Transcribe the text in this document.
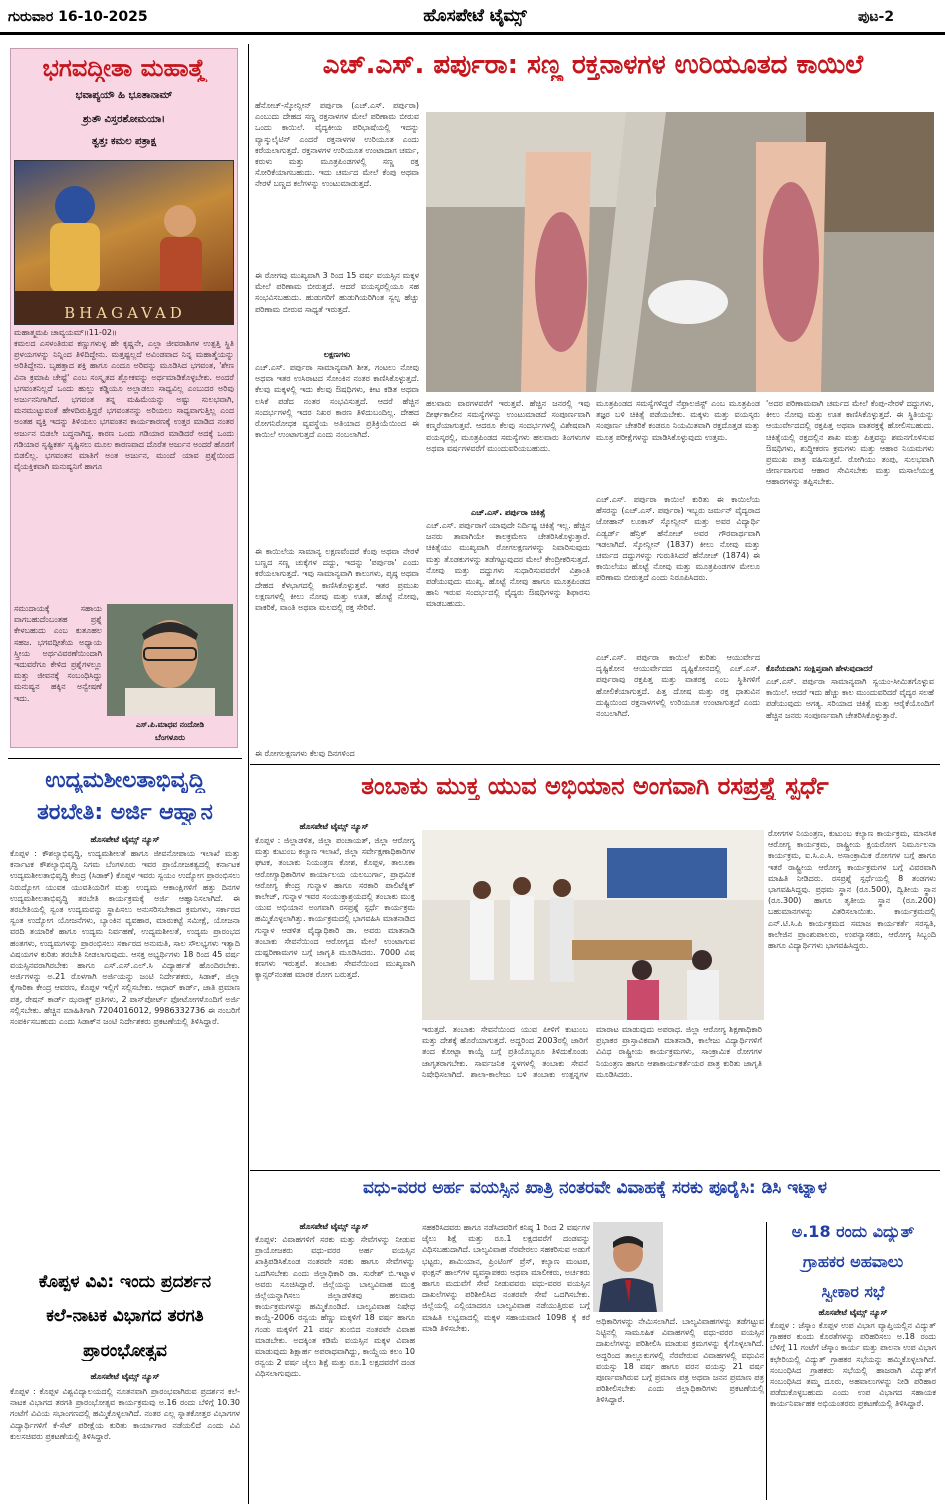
ಗುರುವಾರ 16-10-2025	ಹೊಸಪೇಟೆ ಟೈಮ್ಸ್	ಪುಟ-2
ಭಗವದ್ಗೀತಾ ಮಹಾತ್ಮೆ
ಭವಾಪ್ಯಯೌ ಹಿ ಭೂತಾನಾಮ್
ಶ್ರುತೌ ವಿಸ್ತರಶೋಮಯಾ।
ತ್ವತ್ತಃ ಕಮಲ ಪತ್ರಾಕ್ಷ
BHAGAVAD
ಮಹಾತ್ಮ್ಯಮಪಿ ಚಾವ್ಯಯಮ್॥11-02॥
ಕಮಲದ ಎಸಳಂತಿರುವ ಕಣ್ಣುಗಳುಳ್ಳ ಹೇ ಕೃಷ್ಣನೇ, ಎಲ್ಲಾ ಜೀವರಾಶಿಗಳ ಉತ್ಪತ್ತಿ ಸ್ಥಿತಿ ಪ್ರಳಯಗಳನ್ನು ನಿನ್ನಿಂದ ತಿಳಿದಿದ್ದೇನು. ಮತ್ತಷ್ಟಲ್ಲದೆ ಅವಿಂಡವಾದ ನಿನ್ನ ಮಹಾತ್ಮೆಯನ್ನು ಅರಿತಿದ್ದೇನು. ಬೃಹತ್ತಾದ ಶಕ್ತಿ ಹಾಗೂ ಎಂದೂ ಅರಿವನ್ನು ಮೂಡಿಸಿದ ಭಗವಂತ, 'ಶೇಣ ವಿನಾ ಕ್ರಮಾಪಿ ಚೇಷ್ಟೆ' ಎಂಬ ಸಂಸ್ಕೃತದ ಶ್ಲೋಕವನ್ನು ಅರ್ಥಮಾಡಿಕೊಳ್ಳಬೇಕು. ಅಂದರೆ ಭಗವಂತನಿಲ್ಲದೆ ಒಂದು ಹುಲ್ಲು ಕಡ್ಡಿಯೂ ಅಲ್ಲಾಡಲು ಸಾಧ್ಯವಿಲ್ಲ ಎಂಬುದರ ಅರಿವು ಅರ್ಜುನನಿಗಾಗಿದೆ. ಭಗವಂತ ತನ್ನ ಮಹಿಮೆಯನ್ನು ಅಷ್ಟು ಸುಲಭವಾಗಿ, ಮನಮುಟ್ಟುವಂತೆ ಹೇಳದಿರುತ್ತಿದ್ದರೆ ಭಗವಂತನನ್ನು ಅರಿಯಲು ಸಾಧ್ಯವಾಗುತ್ತಿಲ್ಲ ಎಂದ ಅಂತಹ ವ್ಯಕ್ತಿ ಇದನ್ನು ತಿಳಿಯಲು ಭಗವಂತನ ಕಾರ್ಯಕಾರಣಕ್ಕೆ ಉತ್ತರ ಮಾಡಿದ ನಂತರ ಅರ್ಜುನ ಬಿಡಲೇ ಬದ್ಧನಾಗಿದ್ದ. ಕಾರಣ ಒಂದು ಗಡಿಯಾರ ಮಾಡಿದರೆ ಅದಕ್ಕೆ ಒಂದು ಗಡಿಯಾರ ಸೃಷ್ಟಿಕರ್ತ ಸೃಷ್ಟಿಸಲು ಮೂಲ ಕಾರಣವಾದ ದೊರೆತ ಅರ್ಜುನ ಅಂದರೆ ಹೊರಗೆ ಬಿಡಲಿಲ್ಲ. ಭಗವಂತನ ಮಾತಿಗೆ ಅಂತ ಅರ್ಜುನ, ಮುಂದೆ ಯಾವ ಪ್ರಶ್ನೆಯಿಂದ ವೈಯಕ್ತಿಕವಾಗಿ ಮನುಷ್ಯನಿಗೆ ಹಾಗೂ
ಸಮುದಾಯಕ್ಕೆ ಸಹಾಯ ವಾಗಬಹುದೆಂಬಂತಹ ಪ್ರಶ್ನೆ ಕೇಳಬಹುದು ಎಂಬ ಕುತೂಹಲ ಸಹಜ. ಭಗವದ್ಗೀತೆಯ ಅಧ್ಯಾಯ ಸ್ತ್ರೀಯ ಅರ್ಥವಿವರಣೆಯಿಂದಾಗಿ ಇದುವರೆಗೂ ಕೇಳಿದ ಪ್ರಶ್ನೆಗಳಲ್ಲೂ ಮತ್ತು ಜೀವನಕ್ಕೆ ಸಂಬಂಧಿಸಿದ್ದು ಮನುಷ್ಯನ ಹಕ್ಕಿನ ಅನ್ವೇಷಣೆ ಇದು.
ಎಸ್.ಪಿ.ಮಾಧವ ನಂದೋಡಿ
ಬೆಂಗಳೂರು
ಎಚ್.ಎಸ್. ಪರ್ಪುರಾ: ಸಣ್ಣ ರಕ್ತನಾಳಗಳ ಉರಿಯೂತದ ಕಾಯಿಲೆ
ಹೆನೋಚ್-ಸ್ಕೋನ್ಲೀನ್ ಪರ್ಪುರಾ (ಎಚ್.ಎಸ್. ಪರ್ಪುರಾ) ಎಂಬುದು ದೇಹದ ಸಣ್ಣ ರಕ್ತನಾಳಗಳ ಮೇಲೆ ಪರಿಣಾಮ ಬೀರುವ ಒಂದು ಕಾಯಿಲೆ. ವೈದ್ಯಕೀಯ ಪರಿಭಾಷೆಯಲ್ಲಿ ಇದನ್ನು ವ್ಯಾಸ್ಕುಲೈಟಿಸ್ ಎಂದರೆ ರಕ್ತನಾಳಗಳ ಉರಿಯೂತ ಎಂದು ಕರೆಯಲಾಗುತ್ತದೆ. ರಕ್ತನಾಳಗಳ ಉರಿಯೂತ ಉಂಟಾದಾಗ ಚರ್ಮ, ಕರುಳು ಮತ್ತು ಮೂತ್ರಪಿಂಡಗಳಲ್ಲಿ ಸಣ್ಣ ರಕ್ತ ಸೋರಿಕೆಯಾಗಬಹುದು. ಇದು ಚರ್ಮದ ಮೇಲೆ ಕೆಂಪು ಅಥವಾ ನೇರಳೆ ಬಣ್ಣದ ಕಲೆಗಳನ್ನು ಉಂಟುಮಾಡುತ್ತದೆ.
ಈ ರೋಗವು ಮುಖ್ಯವಾಗಿ 3 ರಿಂದ 15 ವರ್ಷ ವಯಸ್ಸಿನ ಮಕ್ಕಳ ಮೇಲೆ ಪರಿಣಾಮ ಬೀರುತ್ತದೆ. ಆದರೆ ವಯಸ್ಕರಲ್ಲಿಯೂ ಸಹ ಸಂಭವಿಸಬಹುದು. ಹುಡುಗರಿಗೆ ಹುಡುಗಿಯರಿಗಿಂತ ಸ್ವಲ್ಪ ಹೆಚ್ಚು ಪರಿಣಾಮ ಬೀರುವ ಸಾಧ್ಯತೆ ಇರುತ್ತದೆ.
ಲಕ್ಷಣಗಳು
ಎಚ್.ಎಸ್. ಪರ್ಪುರಾ ಸಾಮಾನ್ಯವಾಗಿ ಶೀತ, ಗಂಟಲು ನೋವು ಅಥವಾ ಇತರ ಉಸಿರಾಟದ ಸೋಂಕಿನ ನಂತರ ಕಾಣಿಸಿಕೊಳ್ಳುತ್ತದೆ. ಕೆಲವು ಮಕ್ಕಳಲ್ಲಿ ಇದು ಕೆಲವು ಔಷಧಿಗಳು, ಕೀಟ ಕಡಿತ ಅಥವಾ ಲಸಿಕೆ ಪಡೆದ ನಂತರ ಸಂಭವಿಸುತ್ತದೆ. ಆದರೆ ಹೆಚ್ಚಿನ ಸಂದರ್ಭಗಳಲ್ಲಿ ಇದರ ನಿಖರ ಕಾರಣ ತಿಳಿದುಬಂದಿಲ್ಲ. ದೇಹದ ರೋಗನಿರೋಧಕ ವ್ಯವಸ್ಥೆಯ ಅತಿಯಾದ ಪ್ರತಿಕ್ರಿಯೆಯಿಂದ ಈ ಕಾಯಿಲೆ ಉಂಟಾಗುತ್ತದೆ ಎಂದು ನಂಬಲಾಗಿದೆ.
ಈ ಕಾಯಿಲೆಯ ಸಾಮಾನ್ಯ ಲಕ್ಷಣವೆಂದರೆ ಕೆಂಪು ಅಥವಾ ನೇರಳೆ ಬಣ್ಣದ ಸಣ್ಣ ಚುಕ್ಕೆಗಳ ದದ್ದು, ಇದನ್ನು 'ಪರ್ಪುರಾ' ಎಂದು ಕರೆಯಲಾಗುತ್ತದೆ. ಇವು ಸಾಮಾನ್ಯವಾಗಿ ಕಾಲುಗಳು, ಪೃಷ್ಠ ಅಥವಾ ದೇಹದ ಕೆಳಭಾಗದಲ್ಲಿ ಕಾಣಿಸಿಕೊಳ್ಳುತ್ತವೆ. ಇತರ ಪ್ರಮುಖ ಲಕ್ಷಣಗಳಲ್ಲಿ ಕೀಲು ನೋವು ಮತ್ತು ಊತ, ಹೊಟ್ಟೆ ನೋವು, ವಾಕರಿಕೆ, ವಾಂತಿ ಅಥವಾ ಮಲದಲ್ಲಿ ರಕ್ತ ಸೇರಿವೆ.
ಈ ರೋಗಲಕ್ಷಣಗಳು ಕೆಲವು ದಿನಗಳಿಂದ
ಹಲವಾರು ವಾರಗಳವರೆಗೆ ಇರುತ್ತವೆ. ಹೆಚ್ಚಿನ ಜನರಲ್ಲಿ ಇವು ದೀರ್ಘಕಾಲೀನ ಸಮಸ್ಯೆಗಳನ್ನು ಉಂಟುಮಾಡದೆ ಸಂಪೂರ್ಣವಾಗಿ ಕಣ್ಮರೆಯಾಗುತ್ತವೆ. ಆದರೂ ಕೆಲವು ಸಂದರ್ಭಗಳಲ್ಲಿ ವಿಶೇಷವಾಗಿ ವಯಸ್ಕರಲ್ಲಿ, ಮೂತ್ರಪಿಂಡದ ಸಮಸ್ಯೆಗಳು ಹಲವಾರು ತಿಂಗಳುಗಳ ಅಥವಾ ವರ್ಷಗಳವರೆಗೆ ಮುಂದುವರಿಯಬಹುದು.
ಎಚ್.ಎಸ್. ಪರ್ಪುರಾ ಚಿಕಿತ್ಸೆ
ಎಚ್.ಎಸ್. ಪರ್ಪುರಾಗೆ ಯಾವುದೇ ನಿರ್ದಿಷ್ಟ ಚಿಕಿತ್ಸೆ ಇಲ್ಲ. ಹೆಚ್ಚಿನ ಜನರು ತಾವಾಗಿಯೇ ಕಾಲಕ್ರಮೇಣ ಚೇತರಿಸಿಕೊಳ್ಳುತ್ತಾರೆ. ಚಿಕಿತ್ಸೆಯು ಮುಖ್ಯವಾಗಿ ರೋಗಲಕ್ಷಣಗಳನ್ನು ನಿವಾರಿಸುವುದು ಮತ್ತು ತೊಡಕುಗಳನ್ನು ತಡೆಗಟ್ಟುವುದರ ಮೇಲೆ ಕೇಂದ್ರೀಕರಿಸುತ್ತದೆ. ನೋವು ಮತ್ತು ದದ್ದುಗಳು ಸುಧಾರಿಸುವವರೆಗೆ ವಿಶ್ರಾಂತಿ ಪಡೆಯುವುದು ಮುಖ್ಯ. ಹೊಟ್ಟೆ ನೋವು ಹಾಗೂ ಮೂತ್ರಪಿಂಡದ ಹಾನಿ ಇರುವ ಸಂದರ್ಭದಲ್ಲಿ ವೈದ್ಯರು ಔಷಧಿಗಳನ್ನು ಶಿಫಾರಸು ಮಾಡಬಹುದು.
ಮೂತ್ರಪಿಂಡದ ಸಮಸ್ಯೆಗಳಿದ್ದರೆ ನೆಫ್ರಾಲಜಿಸ್ಟ್ ಎಂಬ ಮೂತ್ರಪಿಂಡ ತಜ್ಞರ ಬಳಿ ಚಿಕಿತ್ಸೆ ಪಡೆಯಬೇಕು. ಮಕ್ಕಳು ಮತ್ತು ವಯಸ್ಕರು ಸಂಪೂರ್ಣ ಚೇತರಿಕೆ ಕಂಡರೂ ನಿಯಮಿತವಾಗಿ ರಕ್ತದೊತ್ತಡ ಮತ್ತು ಮೂತ್ರ ಪರೀಕ್ಷೆಗಳನ್ನು ಮಾಡಿಸಿಕೊಳ್ಳುವುದು ಉತ್ತಮ.
ಎಚ್.ಎಸ್. ಪರ್ಪುರಾ ಕಾಯಿಲೆ ಕುರಿತು ಈ ಕಾಯಿಲೆಯ ಹೆಸರನ್ನು (ಎಚ್.ಎಸ್. ಪರ್ಪುರಾ) ಇಬ್ಬರು ಜರ್ಮನ್ ವೈದ್ಯರಾದ ಜೋಹಾನ್ ಲೂಕಾಸ್ ಸ್ಕೋನ್ಲೀನ್ ಮತ್ತು ಅವರ ವಿದ್ಯಾರ್ಥಿ ಎಡ್ವರ್ಡ್ ಹೆನ್ರಿಕ್ ಹೆನೋಚ್ ಅವರ ಗೌರವಾರ್ಥವಾಗಿ ಇಡಲಾಗಿದೆ. ಸ್ಕೋನ್ಲೀನ್ (1837) ಕೀಲು ನೋವು ಮತ್ತು ಚರ್ಮದ ದದ್ದುಗಳನ್ನು ಗುರುತಿಸಿದರೆ ಹೆನೋಚ್ (1874) ಈ ಕಾಯಿಲೆಯು ಹೊಟ್ಟೆ ನೋವು ಮತ್ತು ಮೂತ್ರಪಿಂಡಗಳ ಮೇಲೂ ಪರಿಣಾಮ ಬೀರುತ್ತದೆ ಎಂದು ನಿರೂಪಿಸಿದರು.
ಎಚ್.ಎಸ್. ಪರ್ಪುರಾ ಕಾಯಿಲೆ ಕುರಿತು ಆಯುರ್ವೇದ ದೃಷ್ಟಿಕೋನ ಆಯುರ್ವೇದದ ದೃಷ್ಟಿಕೋನದಲ್ಲಿ ಎಚ್.ಎಸ್. ಪರ್ಪುರಾವು ರಕ್ತಪಿತ್ತ ಮತ್ತು ವಾತರಕ್ತ ಎಂಬ ಸ್ಥಿತಿಗಳಿಗೆ ಹೋಲಿಕೆಯಾಗುತ್ತದೆ. ಪಿತ್ತ ದೋಷ ಮತ್ತು ರಕ್ತ ಧಾತುವಿನ ದುಷ್ಟಿಯಿಂದ ರಕ್ತನಾಳಗಳಲ್ಲಿ ಉರಿಯೂತ ಉಂಟಾಗುತ್ತದೆ ಎಂದು ನಂಬಲಾಗಿದೆ.
'ಅದರ ಪರಿಣಾಮವಾಗಿ ಚರ್ಮದ ಮೇಲೆ ಕೆಂಪು-ನೇರಳೆ ದದ್ದುಗಳು, ಕೀಲು ನೋವು ಮತ್ತು ಊತ ಕಾಣಿಸಿಕೊಳ್ಳುತ್ತದೆ. ಈ ಸ್ಥಿತಿಯನ್ನು ಆಯುರ್ವೇದದಲ್ಲಿ ರಕ್ತಪಿತ್ತ ಅಥವಾ ವಾತರಕ್ತಕ್ಕೆ ಹೋಲಿಸಬಹುದು. ಚಿಕಿತ್ಸೆಯಲ್ಲಿ ರಕ್ತದಲ್ಲಿನ ಶಾಖ ಮತ್ತು ಪಿತ್ತವನ್ನು ಶಮನಗೊಳಿಸುವ ಔಷಧಿಗಳು, ಶುದ್ಧೀಕರಣ ಕ್ರಮಗಳು ಮತ್ತು ಆಹಾರ ನಿಯಮಗಳು ಪ್ರಮುಖ ಪಾತ್ರ ವಹಿಸುತ್ತವೆ. ರೋಗಿಯು ತಂಪು, ಸುಲಭವಾಗಿ ಜೀರ್ಣವಾಗುವ ಆಹಾರ ಸೇವಿಸಬೇಕು ಮತ್ತು ಮಸಾಲೆಯುಕ್ತ ಆಹಾರಗಳನ್ನು ತಪ್ಪಿಸಬೇಕು.
ಕೊನೆಯದಾಗಿ: ಸಂಕ್ಷಿಪ್ತವಾಗಿ ಹೇಳುವುದಾದರೆ
ಎಚ್.ಎಸ್. ಪರ್ಪುರಾ ಸಾಮಾನ್ಯವಾಗಿ ಸ್ವಯಂ-ಸೀಮಿತಗೊಳ್ಳುವ ಕಾಯಿಲೆ. ಆದರೆ ಇದು ಹೆಚ್ಚು ಕಾಲ ಮುಂದುವರಿದರೆ ವೈದ್ಯರ ಸಲಹೆ ಪಡೆಯುವುದು ಅಗತ್ಯ. ಸರಿಯಾದ ಚಿಕಿತ್ಸೆ ಮತ್ತು ಆರೈಕೆಯೊಂದಿಗೆ ಹೆಚ್ಚಿನ ಜನರು ಸಂಪೂರ್ಣವಾಗಿ ಚೇತರಿಸಿಕೊಳ್ಳುತ್ತಾರೆ.
ಉದ್ಯಮಶೀಲತಾಭಿವೃದ್ಧಿ
ತರಬೇತಿ: ಅರ್ಜಿ ಆಹ್ವಾನ
ಹೊಸಪೇಟೆ ಟೈಮ್ಸ್ ನ್ಯೂಸ್
ಕೊಪ್ಪಳ : ಕೌಶಲ್ಯಾಭಿವೃದ್ಧಿ, ಉದ್ಯಮಶೀಲತೆ ಹಾಗೂ ಜೀವನೋಪಾಯ ಇಲಾಖೆ ಮತ್ತು ಕರ್ನಾಟಕ ಕೌಶಲ್ಯಾಭಿವೃದ್ಧಿ ನಿಗಮ ಬೆಂಗಳೂರು ಇವರ ಪ್ರಾಯೋಜಕತ್ವದಲ್ಲಿ ಕರ್ನಾಟಕ ಉದ್ಯಮಶೀಲತಾಭಿವೃದ್ಧಿ ಕೇಂದ್ರ (ಸಿಡಾಕ್) ಕೊಪ್ಪಳ ಇವರು ಸ್ವಯಂ ಉದ್ಯೋಗ ಪ್ರಾರಂಭಿಸಲು ನಿರುದ್ಯೋಗ ಯುವಕ ಯುವತಿಯರಿಗೆ ಮತ್ತು ಉದ್ಯಮ ಆಕಾಂಕ್ಷಿಗಳಿಗೆ ಹತ್ತು ದಿನಗಳ ಉದ್ಯಮಶೀಲತಾಭಿವೃದ್ಧಿ ತರಬೇತಿ ಕಾರ್ಯಕ್ರಮಕ್ಕೆ ಅರ್ಜಿ ಆಹ್ವಾನಿಸಲಾಗಿದೆ. ಈ ತರಬೇತಿಯಲ್ಲಿ ಸ್ವಂತ ಉದ್ಯಮವನ್ನು ಸ್ಥಾಪಿಸಲು ಅನುಸರಿಸಬೇಕಾದ ಕ್ರಮಗಳು, ಸರ್ಕಾರದ ಸ್ವಂತ ಉದ್ಯೋಗ ಯೋಜನೆಗಳು, ಬ್ಯಾಂಕಿನ ವ್ಯವಹಾರ, ಮಾರುಕಟ್ಟೆ ಸಮೀಕ್ಷೆ, ಯೋಜನಾ ವರದಿ ತಯಾರಿಕೆ ಹಾಗೂ ಉದ್ಯಮ ನಿರ್ವಹಣೆ, ಉದ್ಯಮಶೀಲತೆ, ಉದ್ಯಮ ಪ್ರಾರಂಭದ ಹಂತಗಳು, ಉದ್ಯಮಗಳನ್ನು ಪ್ರಾರಂಭಿಸಲು ಸರ್ಕಾರದ ಅನುಮತಿ, ಸಾಲ ಸೌಲಭ್ಯಗಳು ಇತ್ಯಾದಿ ವಿಷಯಗಳ ಕುರಿತು ತರಬೇತಿ ನೀಡಲಾಗುವುದು. ಆಸಕ್ತ ಅಭ್ಯರ್ಥಿಗಳು 18 ರಿಂದ 45 ವರ್ಷ ವಯಸ್ಸಿನವರಾಗಿರಬೇಕು ಹಾಗೂ ಎಸ್.ಎಸ್.ಎಲ್.ಸಿ ವಿದ್ಯಾರ್ಹತೆ ಹೊಂದಿರಬೇಕು. ಅರ್ಜಿಗಳನ್ನು ಅ.21 ರೊಳಗಾಗಿ ಅರ್ಜಿಯನ್ನು ಜಂಟಿ ನಿರ್ದೇಶಕರು, ಸಿಡಾಕ್, ಜಿಲ್ಲಾ ಕೈಗಾರಿಕಾ ಕೇಂದ್ರ ಆವರಣ, ಕೊಪ್ಪಳ ಇಲ್ಲಿಗೆ ಸಲ್ಲಿಸಬೇಕು. ಆಧಾರ್ ಕಾರ್ಡ್, ಜಾತಿ ಪ್ರಮಾಣ ಪತ್ರ, ರೇಷನ್ ಕಾರ್ಡ್ ಝರಾಕ್ಸ್ ಪ್ರತಿಗಳು, 2 ಪಾಸ್‌ಪೋರ್ಟ್ ಫೋಟೋಗಳೊಂದಿಗೆ ಅರ್ಜಿ ಸಲ್ಲಿಸಬೇಕು. ಹೆಚ್ಚಿನ ಮಾಹಿತಿಗಾಗಿ 7204016012, 9986332736 ಈ ನಂಬರಿಗೆ ಸಂಪರ್ಕಿಸಬಹುದು ಎಂದು ಸಿಡಾಕ್‌ನ ಜಂಟಿ ನಿರ್ದೇಶಕರು ಪ್ರಕಟಣೆಯಲ್ಲಿ ತಿಳಿಸಿದ್ದಾರೆ.
ಕೊಪ್ಪಳ ವಿವಿ: ಇಂದು ಪ್ರದರ್ಶನ
ಕಲೆ-ನಾಟಕ ವಿಭಾಗದ ತರಗತಿ
ಪ್ರಾರಂಭೋತ್ಸವ
ಹೊಸಪೇಟೆ ಟೈಮ್ಸ್ ನ್ಯೂಸ್
ಕೊಪ್ಪಳ : ಕೊಪ್ಪಳ ವಿಶ್ವವಿದ್ಯಾಲಯದಲ್ಲಿ ನೂತನವಾಗಿ ಪ್ರಾರಂಭವಾಗಿರುವ ಪ್ರದರ್ಶನ ಕಲೆ-ನಾಟಕ ವಿಭಾಗದ ತರಗತಿ ಪ್ರಾರಂಭೋತ್ಸವ ಕಾರ್ಯಕ್ರಮವು ಅ.16 ರಂದು ಬೆಳಿಗ್ಗೆ 10.30 ಗಂಟೆಗೆ ವಿವಿಯ ಸಭಾಂಗಣದಲ್ಲಿ ಹಮ್ಮಿಕೊಳ್ಳಲಾಗಿದೆ. ನಂತರ ಎಲ್ಲ ಸ್ನಾತಕೋತ್ತರ ವಿಭಾಗಗಳ ವಿದ್ಯಾರ್ಥಿಗಳಿಗೆ ಕೆ-ಸೆಟ್ ಪರೀಕ್ಷೆಯ ಕುರಿತು ಕಾರ್ಯಾಗಾರ ನಡೆಯಲಿದೆ ಎಂದು ವಿವಿ ಕುಲಸಚಿವರು ಪ್ರಕಟಣೆಯಲ್ಲಿ ತಿಳಿಸಿದ್ದಾರೆ.
ತಂಬಾಕು ಮುಕ್ತ ಯುವ ಅಭಿಯಾನ ಅಂಗವಾಗಿ ರಸಪ್ರಶ್ನೆ ಸ್ಪರ್ಧೆ
ಹೊಸಪೇಟೆ ಟೈಮ್ಸ್ ನ್ಯೂಸ್
ಕೊಪ್ಪಳ : ಜಿಲ್ಲಾಡಳಿತ, ಜಿಲ್ಲಾ ಪಂಚಾಯತ್, ಜಿಲ್ಲಾ ಆರೋಗ್ಯ ಮತ್ತು ಕುಟುಂಬ ಕಲ್ಯಾಣ ಇಲಾಖೆ, ಜಿಲ್ಲಾ ಸರ್ವೇಕ್ಷಣಾಧಿಕಾರಿಗಳ ಘಟಕ, ತಂಬಾಕು ನಿಯಂತ್ರಣ ಕೋಶ, ಕೊಪ್ಪಳ, ತಾಲೂಕಾ ಆರೋಗ್ಯಾಧಿಕಾರಿಗಳ ಕಾರ್ಯಾಲಯ ಯಲಬುರ್ಗಾ, ಪ್ರಾಥಮಿಕ ಆರೋಗ್ಯ ಕೇಂದ್ರ ಗುನ್ನಾಳ ಹಾಗೂ ಸರಕಾರಿ ಪಾಲಿಟೆಕ್ನಿಕ್ ಕಾಲೇಜ್, ಗುನ್ನಾಳ ಇವರ ಸಂಯುಕ್ತಾಶ್ರಯದಲ್ಲಿ ತಂಬಾಕು ಮುಕ್ತ ಯುವ ಅಭಿಯಾನ ಅಂಗವಾಗಿ ರಸಪ್ರಶ್ನೆ ಸ್ಪರ್ಧೆ ಕಾರ್ಯಕ್ರಮ ಹಮ್ಮಿಕೊಳ್ಳಲಾಗಿತ್ತು. ಕಾರ್ಯಕ್ರಮದಲ್ಲಿ ಭಾಗವಹಿಸಿ ಮಾತನಾಡಿದ ಗುನ್ನಾಳ ಆಡಳಿತ ವೈದ್ಯಾಧಿಕಾರಿ ಡಾ. ಅವರು ಮಾತನಾಡಿ ತಂಬಾಕು ಸೇವನೆಯಿಂದ ಆರೋಗ್ಯದ ಮೇಲೆ ಉಂಟಾಗುವ ದುಷ್ಪರಿಣಾಮಗಳ ಬಗ್ಗೆ ಜಾಗೃತಿ ಮೂಡಿಸಿದರು. 7000 ವಿಷ ಕಣಗಳು ಇರುತ್ತವೆ. ತಂಬಾಕು ಸೇವನೆಯಿಂದ ಮುಖ್ಯವಾಗಿ ಕ್ಯಾನ್ಸರ್‌ನಂತಹ ಮಾರಕ ರೋಗ ಬರುತ್ತದೆ.
ಇರುತ್ತದೆ. ತಂಬಾಕು ಸೇವನೆಯಿಂದ ಯುವ ಪೀಳಿಗೆ ಕುಟುಂಬ ಮತ್ತು ದೇಶಕ್ಕೆ ಹೊರೆಯಾಗುತ್ತದೆ. ಅದ್ದರಿಂದ 2003ರಲ್ಲಿ ಜಾರಿಗೆ ತಂದ ಕೋಟ್ಪಾ ಕಾಯ್ದೆ ಬಗ್ಗೆ ಪ್ರತಿಯೊಬ್ಬರೂ ತಿಳಿದುಕೊಂಡು ಜಾಗೃತರಾಗಬೇಕು. ಸಾರ್ವಜನಿಕ ಸ್ಥಳಗಳಲ್ಲಿ ತಂಬಾಕು ಸೇವನೆ ನಿಷೇಧಿಸಲಾಗಿದೆ. ಶಾಲಾ-ಕಾಲೇಜು ಬಳಿ ತಂಬಾಕು ಉತ್ಪನ್ನಗಳ ಮಾರಾಟ ಮಾಡುವುದು ಅಪರಾಧ. ಜಿಲ್ಲಾ ಆರೋಗ್ಯ ಶಿಕ್ಷಣಾಧಿಕಾರಿ ಪ್ರಭಾಕರ ಪ್ರಾಸ್ತಾವಿಕವಾಗಿ ಮಾತನಾಡಿ, ಕಾಲೇಜು ವಿದ್ಯಾರ್ಥಿಗಳಿಗೆ ವಿವಿಧ ರಾಷ್ಟ್ರೀಯ ಕಾರ್ಯಕ್ರಮಗಳು, ಸಾಂಕ್ರಾಮಿಕ ರೋಗಗಳ ನಿಯಂತ್ರಣ ಹಾಗೂ ಆಶಾಕಾರ್ಯಕರ್ತೆಯರ ಪಾತ್ರ ಕುರಿತು ಜಾಗೃತಿ ಮೂಡಿಸಿದರು.
ರೋಗಗಳ ನಿಯಂತ್ರಣ, ಕುಟುಂಬ ಕಲ್ಯಾಣ ಕಾರ್ಯಕ್ರಮ, ಮಾನಸಿಕ ಆರೋಗ್ಯ ಕಾರ್ಯಕ್ರಮ, ರಾಷ್ಟ್ರೀಯ ಕ್ಷಯರೋಗ ನಿರ್ಮೂಲನಾ ಕಾರ್ಯಕ್ರಮ, ಐ.ಸಿ.ಎ.ಸಿ. ಅಸಾಂಕ್ರಾಮಿಕ ರೋಗಗಳ ಬಗ್ಗೆ ಹಾಗೂ ಇತರೆ ರಾಷ್ಟ್ರೀಯ ಆರೋಗ್ಯ ಕಾರ್ಯಕ್ರಮಗಳ ಬಗ್ಗೆ ವಿವರವಾಗಿ ಮಾಹಿತಿ ನೀಡಿದರು. ರಸಪ್ರಶ್ನೆ ಸ್ಪರ್ಧೆಯಲ್ಲಿ 8 ತಂಡಗಳು ಭಾಗವಹಿಸಿದ್ದವು. ಪ್ರಥಮ ಸ್ಥಾನ (ರೂ.500), ದ್ವಿತೀಯ ಸ್ಥಾನ (ರೂ.300) ಹಾಗೂ ತೃತೀಯ ಸ್ಥಾನ (ರೂ.200) ಬಹುಮಾನಗಳನ್ನು ವಿತರಿಸಲಾಯಿತು. ಕಾರ್ಯಕ್ರಮದಲ್ಲಿ ಎನ್.ಟಿ.ಸಿ.ಪಿ ಕಾರ್ಯಕ್ರಮದ ಸಮಾಜ ಕಾರ್ಯಕರ್ತೆ ಸರಸ್ವತಿ, ಕಾಲೇಜಿನ ಪ್ರಾಂಶುಪಾಲರು, ಉಪನ್ಯಾಸಕರು, ಆರೋಗ್ಯ ಸಿಬ್ಬಂದಿ ಹಾಗೂ ವಿದ್ಯಾರ್ಥಿಗಳು ಭಾಗವಹಿಸಿದ್ದರು.
ವಧು-ವರರ ಅರ್ಹ ವಯಸ್ಸಿನ ಖಾತ್ರಿ ನಂತರವೇ ವಿವಾಹಕ್ಕೆ ಸರಕು ಪೂರೈಸಿ: ಡಿಸಿ ಇಟ್ನಾಳ
ಹೊಸಪೇಟೆ ಟೈಮ್ಸ್ ನ್ಯೂಸ್
ಕೊಪ್ಪಳ: ವಿವಾಹಗಳಿಗೆ ಸರಕು ಮತ್ತು ಸೇವೆಗಳನ್ನು ನೀಡುವ ಪ್ರಾಯೋಜಕರು ವಧು-ವರರ ಅರ್ಹ ವಯಸ್ಸಿನ ಖಾತ್ರಿಪಡಿಸಿಕೊಂಡ ನಂತರವೇ ಸರಕು ಹಾಗೂ ಸೇವೆಗಳನ್ನು ಒದಗಿಸಬೇಕು ಎಂದು ಜಿಲ್ಲಾಧಿಕಾರಿ ಡಾ. ಸುರೇಶ್ ಬಿ.ಇಟ್ನಾಳ ಅವರು ಸೂಚಿಸಿದ್ದಾರೆ. ಜಿಲ್ಲೆಯನ್ನು ಬಾಲ್ಯವಿವಾಹ ಮುಕ್ತ ಜಿಲ್ಲೆಯನ್ನಾಗಿಸಲು ಜಿಲ್ಲಾಡಳಿತವು ಹಲವಾರು ಕಾರ್ಯಕ್ರಮಗಳನ್ನು ಹಮ್ಮಿಕೊಂಡಿದೆ. ಬಾಲ್ಯವಿವಾಹ ನಿಷೇಧ ಕಾಯ್ದೆ-2006 ರನ್ವಯ ಹೆಣ್ಣು ಮಕ್ಕಳಿಗೆ 18 ವರ್ಷ ಹಾಗೂ ಗಂಡು ಮಕ್ಕಳಿಗೆ 21 ವರ್ಷ ತುಂಬಿದ ನಂತರವೇ ವಿವಾಹ ಮಾಡಬೇಕು. ಅದಕ್ಕಿಂತ ಕಡಿಮೆ ವಯಸ್ಸಿನ ಮಕ್ಕಳ ವಿವಾಹ ಮಾಡುವುದು ಶಿಕ್ಷಾರ್ಹ ಅಪರಾಧವಾಗಿದ್ದು, ಕಾಯ್ದೆಯ ಕಲಂ 10 ರನ್ವಯ 2 ವರ್ಷ ಜೈಲು ಶಿಕ್ಷೆ ಮತ್ತು ರೂ.1 ಲಕ್ಷದವರೆಗೆ ದಂಡ ವಿಧಿಸಲಾಗುವುದು.
ಸಹಕರಿಸಿದವರು ಹಾಗೂ ನಡೆಸಿದವರಿಗೆ ಕನಿಷ್ಠ 1 ರಿಂದ 2 ವರ್ಷಗಳ ಜೈಲು ಶಿಕ್ಷೆ ಮತ್ತು ರೂ.1 ಲಕ್ಷದವರೆಗೆ ದಂಡವನ್ನು ವಿಧಿಸಬಹುದಾಗಿದೆ. ಬಾಲ್ಯವಿವಾಹ ನೆರವೇರಲು ಸಹಕರಿಸುವ ಅಡುಗೆ ಭಟ್ಟರು, ಶಾಮಿಯಾನ, ಪ್ರಿಂಟಿಂಗ್ ಪ್ರೆಸ್, ಕಲ್ಯಾಣ ಮಂಟಪ, ಫಂಕ್ಷನ್ ಹಾಲ್‌ಗಳ ವ್ಯವಸ್ಥಾಪಕರು ಅಥವಾ ಮಾಲೀಕರು, ಅರ್ಚಕರು ಹಾಗೂ ಮದುವೆಗೆ ಸೇವೆ ನೀಡುವವರು ವಧು-ವರರ ವಯಸ್ಸಿನ ದಾಖಲೆಗಳನ್ನು ಪರಿಶೀಲಿಸಿದ ನಂತರವೇ ಸೇವೆ ಒದಗಿಸಬೇಕು. ಜಿಲ್ಲೆಯಲ್ಲಿ ಎಲ್ಲಿಯಾದರೂ ಬಾಲ್ಯವಿವಾಹ ನಡೆಯುತ್ತಿರುವ ಬಗ್ಗೆ ಮಾಹಿತಿ ಲಭ್ಯವಾದಲ್ಲಿ ಮಕ್ಕಳ ಸಹಾಯವಾಣಿ 1098 ಕ್ಕೆ ಕರೆ ಮಾಡಿ ತಿಳಿಸಬೇಕು.
ಅಧಿಕಾರಿಗಳನ್ನು ನೇಮಿಸಲಾಗಿದೆ. ಬಾಲ್ಯವಿವಾಹಗಳನ್ನು ತಡೆಗಟ್ಟುವ ನಿಟ್ಟಿನಲ್ಲಿ ಸಾಮೂಹಿಕ ವಿವಾಹಗಳಲ್ಲಿ ವಧು-ವರರ ವಯಸ್ಸಿನ ದಾಖಲೆಗಳನ್ನು ಪರಿಶೀಲಿಸಿ ಮಾಡುವ ಕ್ರಮಗಳನ್ನು ಕೈಗೊಳ್ಳಲಾಗಿದೆ. ಅದ್ದರಿಂದ ತಾಲ್ಲೂಕುಗಳಲ್ಲಿ ನೆರವೇರುವ ವಿವಾಹಗಳಲ್ಲಿ ವಧುವಿನ ವಯಸ್ಸು 18 ವರ್ಷ ಹಾಗೂ ವರನ ವಯಸ್ಸು 21 ವರ್ಷ ಪೂರ್ಣವಾಗಿರುವ ಬಗ್ಗೆ ಪ್ರಮಾಣ ಪತ್ರ ಅಥವಾ ಜನನ ಪ್ರಮಾಣ ಪತ್ರ ಪರಿಶೀಲಿಸಬೇಕು ಎಂದು ಜಿಲ್ಲಾಧಿಕಾರಿಗಳು ಪ್ರಕಟಣೆಯಲ್ಲಿ ತಿಳಿಸಿದ್ದಾರೆ.
ಅ.18 ರಂದು ವಿದ್ಯುತ್
ಗ್ರಾಹಕರ ಅಹವಾಲು
ಸ್ವೀಕಾರ ಸಭೆ
ಹೊಸಪೇಟೆ ಟೈಮ್ಸ್ ನ್ಯೂಸ್
ಕೊಪ್ಪಳ : ಜೆಸ್ಕಾಂ ಕೊಪ್ಪಳ ಉಪ ವಿಭಾಗ ವ್ಯಾಪ್ತಿಯಲ್ಲಿನ ವಿದ್ಯುತ್ ಗ್ರಾಹಕರ ಕುಂದು ಕೊರತೆಗಳನ್ನು ಪರಿಹರಿಸಲು ಅ.18 ರಂದು ಬೆಳಿಗ್ಗೆ 11 ಗಂಟೆಗೆ ಜೆಸ್ಕಾಂ ಕಾರ್ಯ ಮತ್ತು ಪಾಲನಾ ಉಪ ವಿಭಾಗ ಕಛೇರಿಯಲ್ಲಿ ವಿದ್ಯುತ್ ಗ್ರಾಹಕರ ಸಭೆಯನ್ನು ಹಮ್ಮಿಕೊಳ್ಳಲಾಗಿದೆ. ಸಂಬಂಧಿಸಿದ ಗ್ರಾಹಕರು ಸಭೆಯಲ್ಲಿ ಹಾಜರಾಗಿ ವಿದ್ಯುತ್‌ಗೆ ಸಂಬಂಧಿಸಿದ ತಮ್ಮ ದೂರು, ಅಹವಾಲುಗಳನ್ನು ನೀಡಿ ಪರಿಹಾರ ಪಡೆದುಕೊಳ್ಳಬಹುದು ಎಂದು ಉಪ ವಿಭಾಗದ ಸಹಾಯಕ ಕಾರ್ಯನಿರ್ವಾಹಕ ಅಭಿಯಂತರರು ಪ್ರಕಟಣೆಯಲ್ಲಿ ತಿಳಿಸಿದ್ದಾರೆ.
